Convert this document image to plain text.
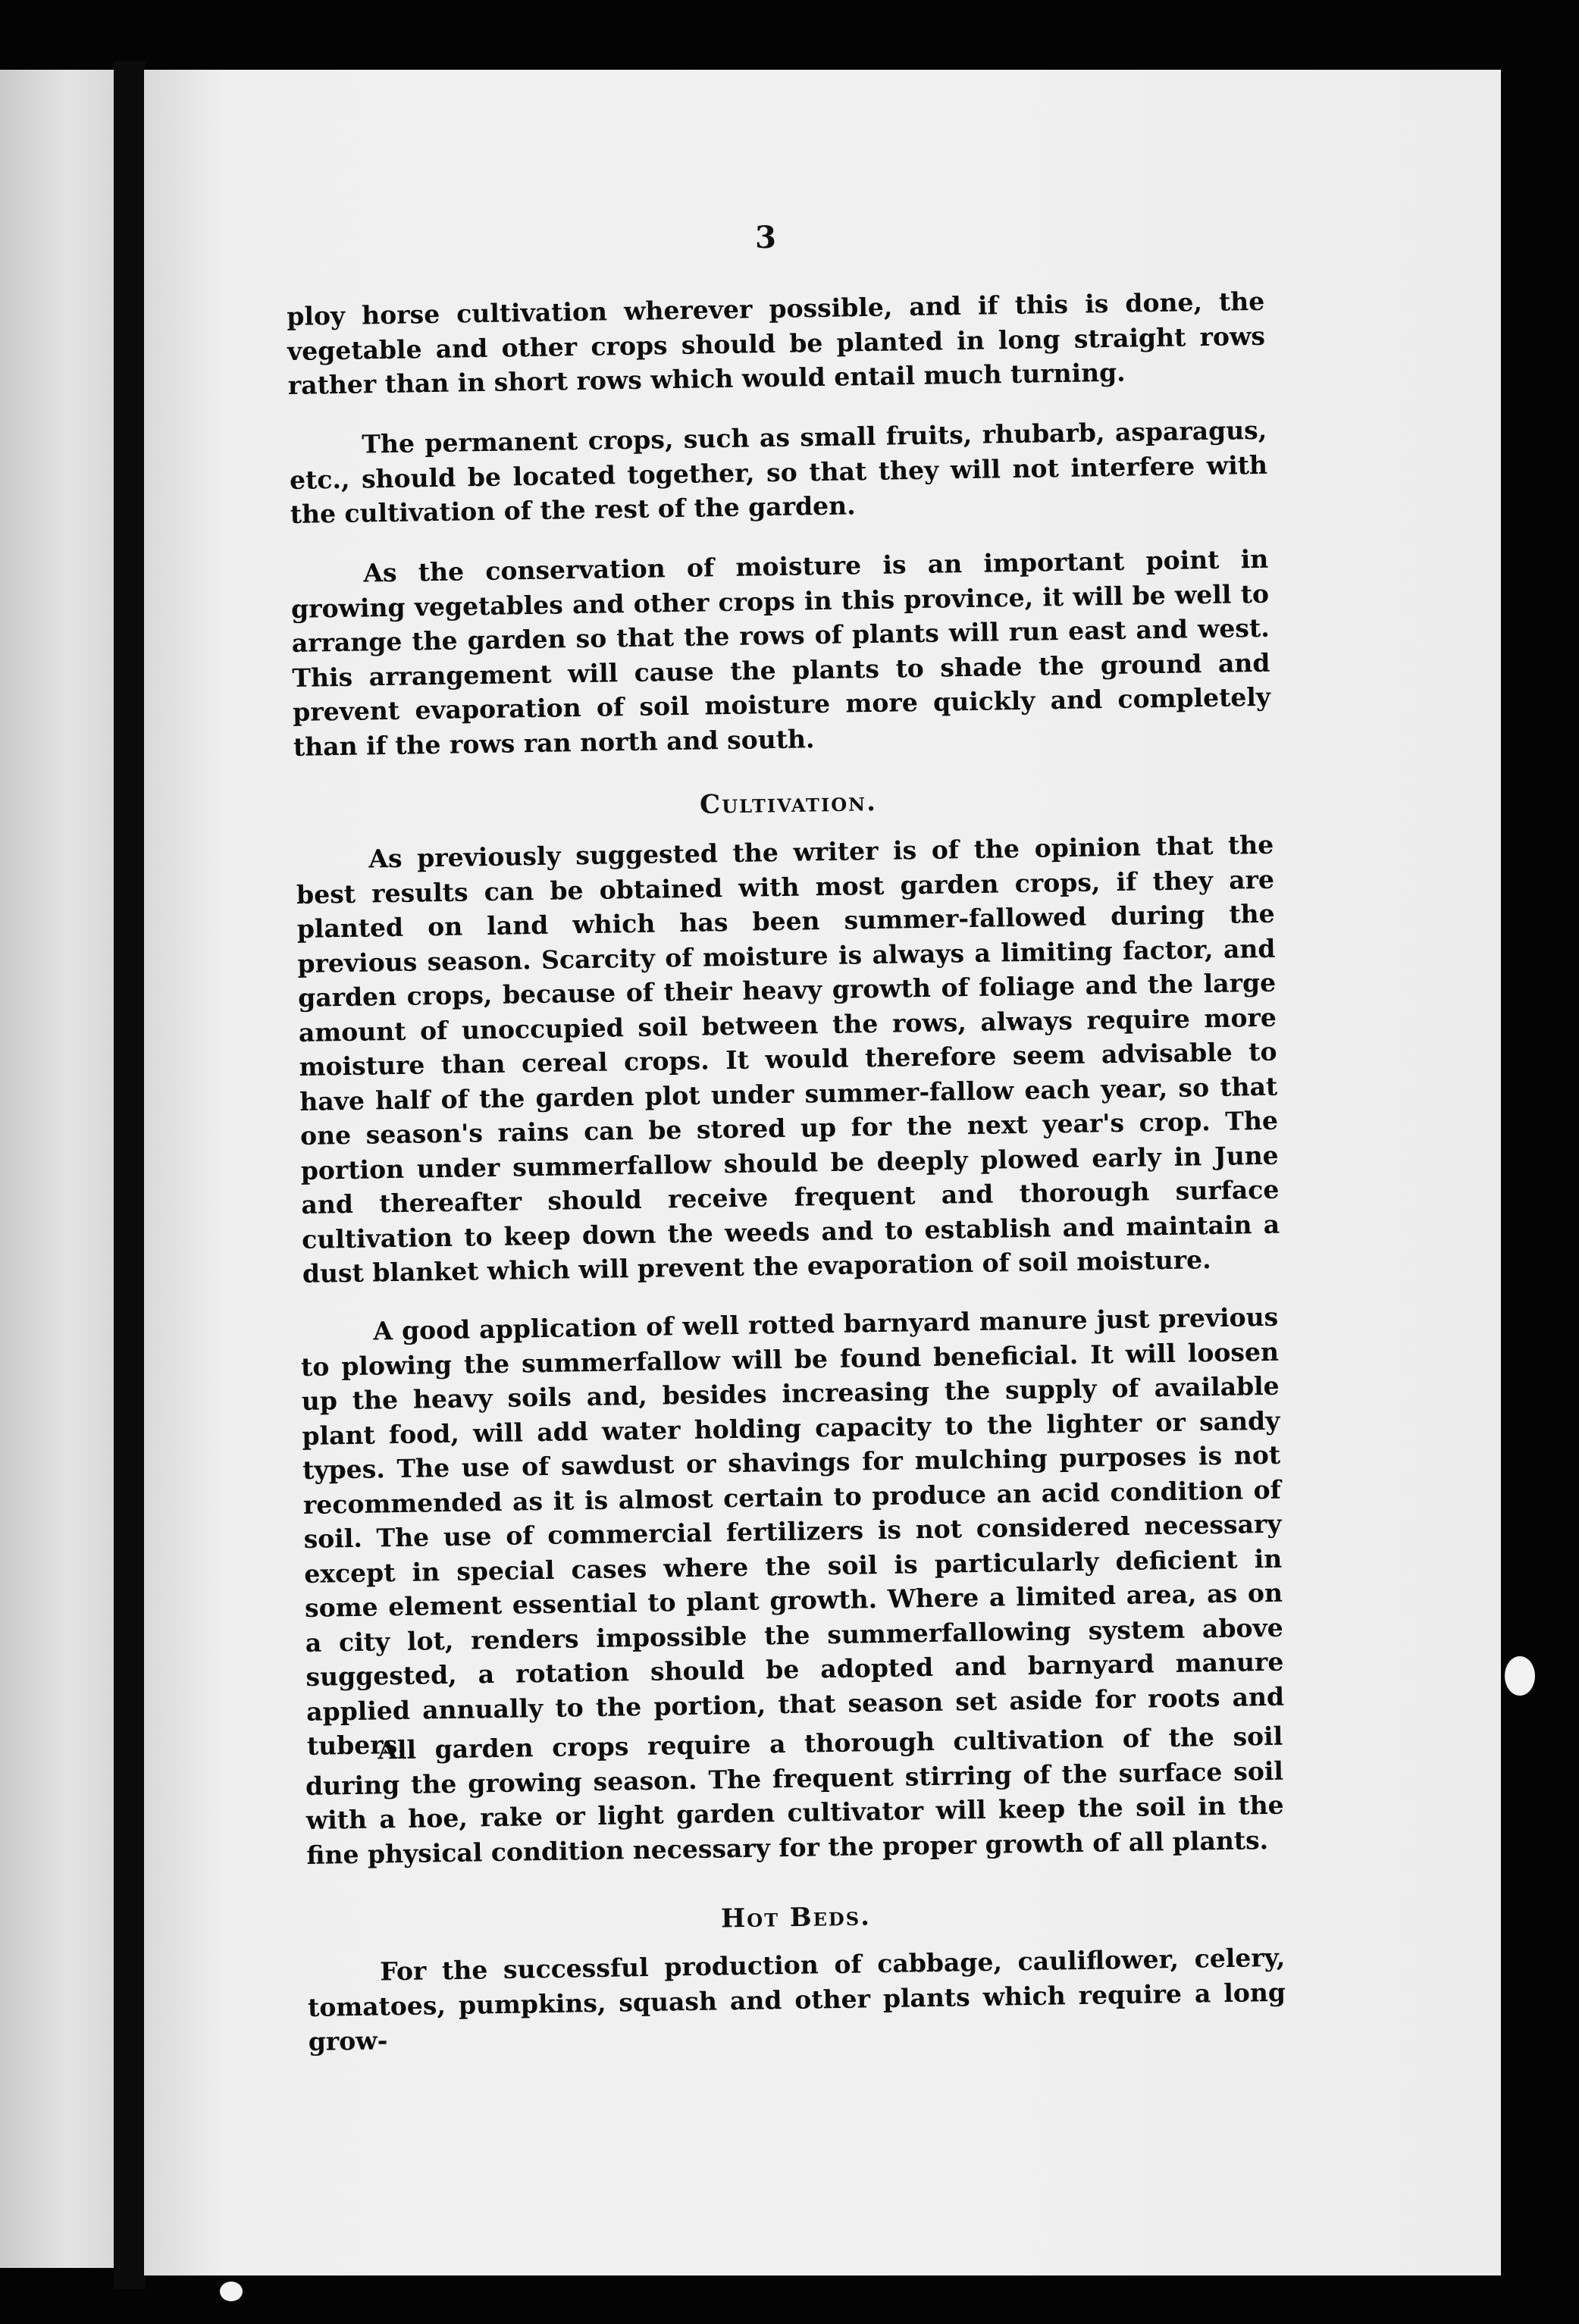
3

ploy horse cultivation wherever possible, and if this is done, the vegetable and other crops should be planted in long straight rows rather than in short rows which would entail much turning.

The permanent crops, such as small fruits, rhubarb, asparagus, etc., should be located together, so that they will not interfere with the cultivation of the rest of the garden.

As the conservation of moisture is an important point in growing vegetables and other crops in this province, it will be well to arrange the garden so that the rows of plants will run east and west. This arrangement will cause the plants to shade the ground and prevent evaporation of soil moisture more quickly and completely than if the rows ran north and south.

Cultivation.

As previously suggested the writer is of the opinion that the best results can be obtained with most garden crops, if they are planted on land which has been summer-fallowed during the previous season. Scarcity of moisture is always a limiting factor, and garden crops, because of their heavy growth of foliage and the large amount of unoccupied soil between the rows, always require more moisture than cereal crops. It would therefore seem advisable to have half of the garden plot under summer-fallow each year, so that one season's rains can be stored up for the next year's crop. The portion under summerfallow should be deeply plowed early in June and thereafter should receive frequent and thorough surface cultivation to keep down the weeds and to establish and maintain a dust blanket which will prevent the evaporation of soil moisture.

A good application of well rotted barnyard manure just previous to plowing the summerfallow will be found beneficial. It will loosen up the heavy soils and, besides increasing the supply of available plant food, will add water holding capacity to the lighter or sandy types. The use of sawdust or shavings for mulching purposes is not recommended as it is almost certain to produce an acid condition of soil. The use of commercial fertilizers is not considered necessary except in special cases where the soil is particularly deficient in some element essential to plant growth. Where a limited area, as on a city lot, renders impossible the summerfallowing system above suggested, a rotation should be adopted and barnyard manure applied annually to the portion, that season set aside for roots and tubers.

All garden crops require a thorough cultivation of the soil during the growing season. The frequent stirring of the surface soil with a hoe, rake or light garden cultivator will keep the soil in the fine physical condition necessary for the proper growth of all plants.

Hot Beds.

For the successful production of cabbage, cauliflower, celery, tomatoes, pumpkins, squash and other plants which require a long grow-
